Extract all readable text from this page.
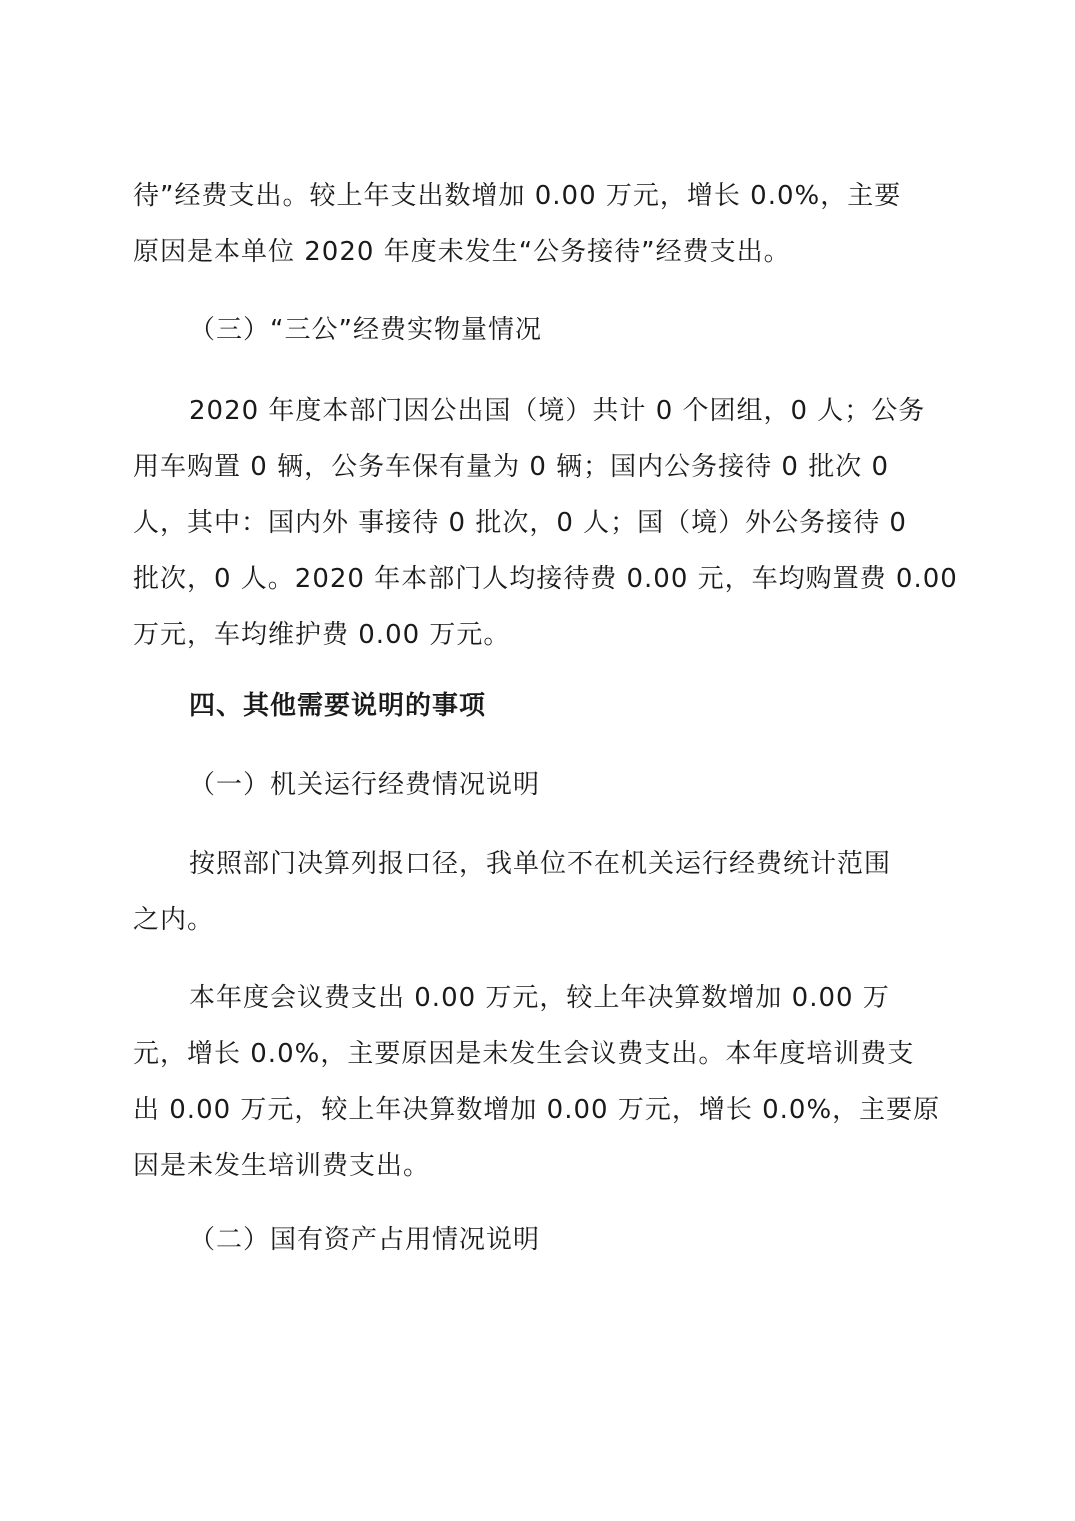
待”经费支出。较上年支出数增加 0.00 万元，增长 0.0%，主要
原因是本单位 2020 年度未发生“公务接待”经费支出。
（三）“三公”经费实物量情况
2020 年度本部门因公出国（境）共计 0 个团组，0 人；公务
用车购置 0 辆，公务车保有量为 0 辆；国内公务接待 0 批次 0
人，其中：国内外 事接待 0 批次，0 人；国（境）外公务接待 0
批次，0 人。2020 年本部门人均接待费 0.00 元，车均购置费 0.00
万元，车均维护费 0.00 万元。
四、其他需要说明的事项
（一）机关运行经费情况说明
按照部门决算列报口径，我单位不在机关运行经费统计范围
之内。
本年度会议费支出 0.00 万元，较上年决算数增加 0.00 万
元，增长 0.0%，主要原因是未发生会议费支出。本年度培训费支
出 0.00 万元，较上年决算数增加 0.00 万元，增长 0.0%，主要原
因是未发生培训费支出。
（二）国有资产占用情况说明
